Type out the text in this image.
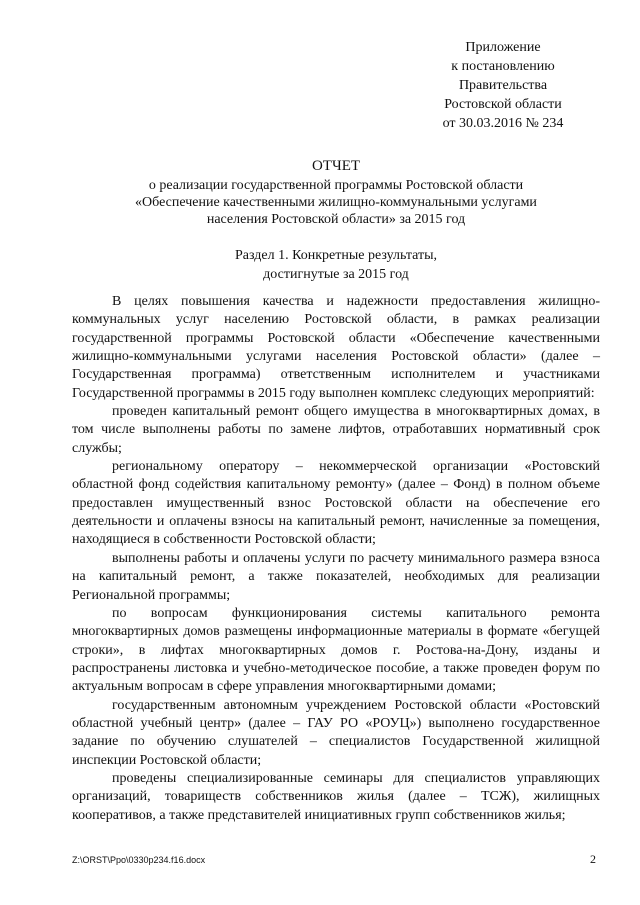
Приложение
к постановлению
Правительства
Ростовской области
от 30.03.2016 № 234
ОТЧЕТ
о реализации государственной программы Ростовской области
«Обеспечение качественными жилищно-коммунальными услугами
населения Ростовской области» за 2015 год
Раздел 1. Конкретные результаты,
достигнутые за 2015 год

В целях повышения качества и надежности предоставления жилищно-коммунальных услуг населению Ростовской области, в рамках реализации государственной программы Ростовской области «Обеспечение качественными жилищно-коммунальными услугами населения Ростовской области» (далее – Государственная программа) ответственным исполнителем и участниками Государственной программы в 2015 году выполнен комплекс следующих мероприятий:

проведен капитальный ремонт общего имущества в многоквартирных домах, в том числе выполнены работы по замене лифтов, отработавших нормативный срок службы;

региональному оператору – некоммерческой организации «Ростовский областной фонд содействия капитальному ремонту» (далее – Фонд) в полном объеме предоставлен имущественный взнос Ростовской области на обеспечение его деятельности и оплачены взносы на капитальный ремонт, начисленные за помещения, находящиеся в собственности Ростовской области;

выполнены работы и оплачены услуги по расчету минимального размера взноса на капитальный ремонт, а также показателей, необходимых для реализации Региональной программы;

по вопросам функционирования системы капитального ремонта многоквартирных домов размещены информационные материалы в формате «бегущей строки», в лифтах многоквартирных домов г. Ростова-на-Дону, изданы и распространены листовка и учебно-методическое пособие, а также проведен форум по актуальным вопросам в сфере управления многоквартирными домами;

государственным автономным учреждением Ростовской области «Ростовский областной учебный центр» (далее – ГАУ РО «РОУЦ») выполнено государственное задание по обучению слушателей – специалистов Государственной жилищной инспекции Ростовской области;

проведены специализированные семинары для специалистов управляющих организаций, товариществ собственников жилья (далее – ТСЖ), жилищных кооперативов, а также представителей инициативных групп собственников жилья;

Z:\ORST\Ppo\0330p234.f16.docx	2
